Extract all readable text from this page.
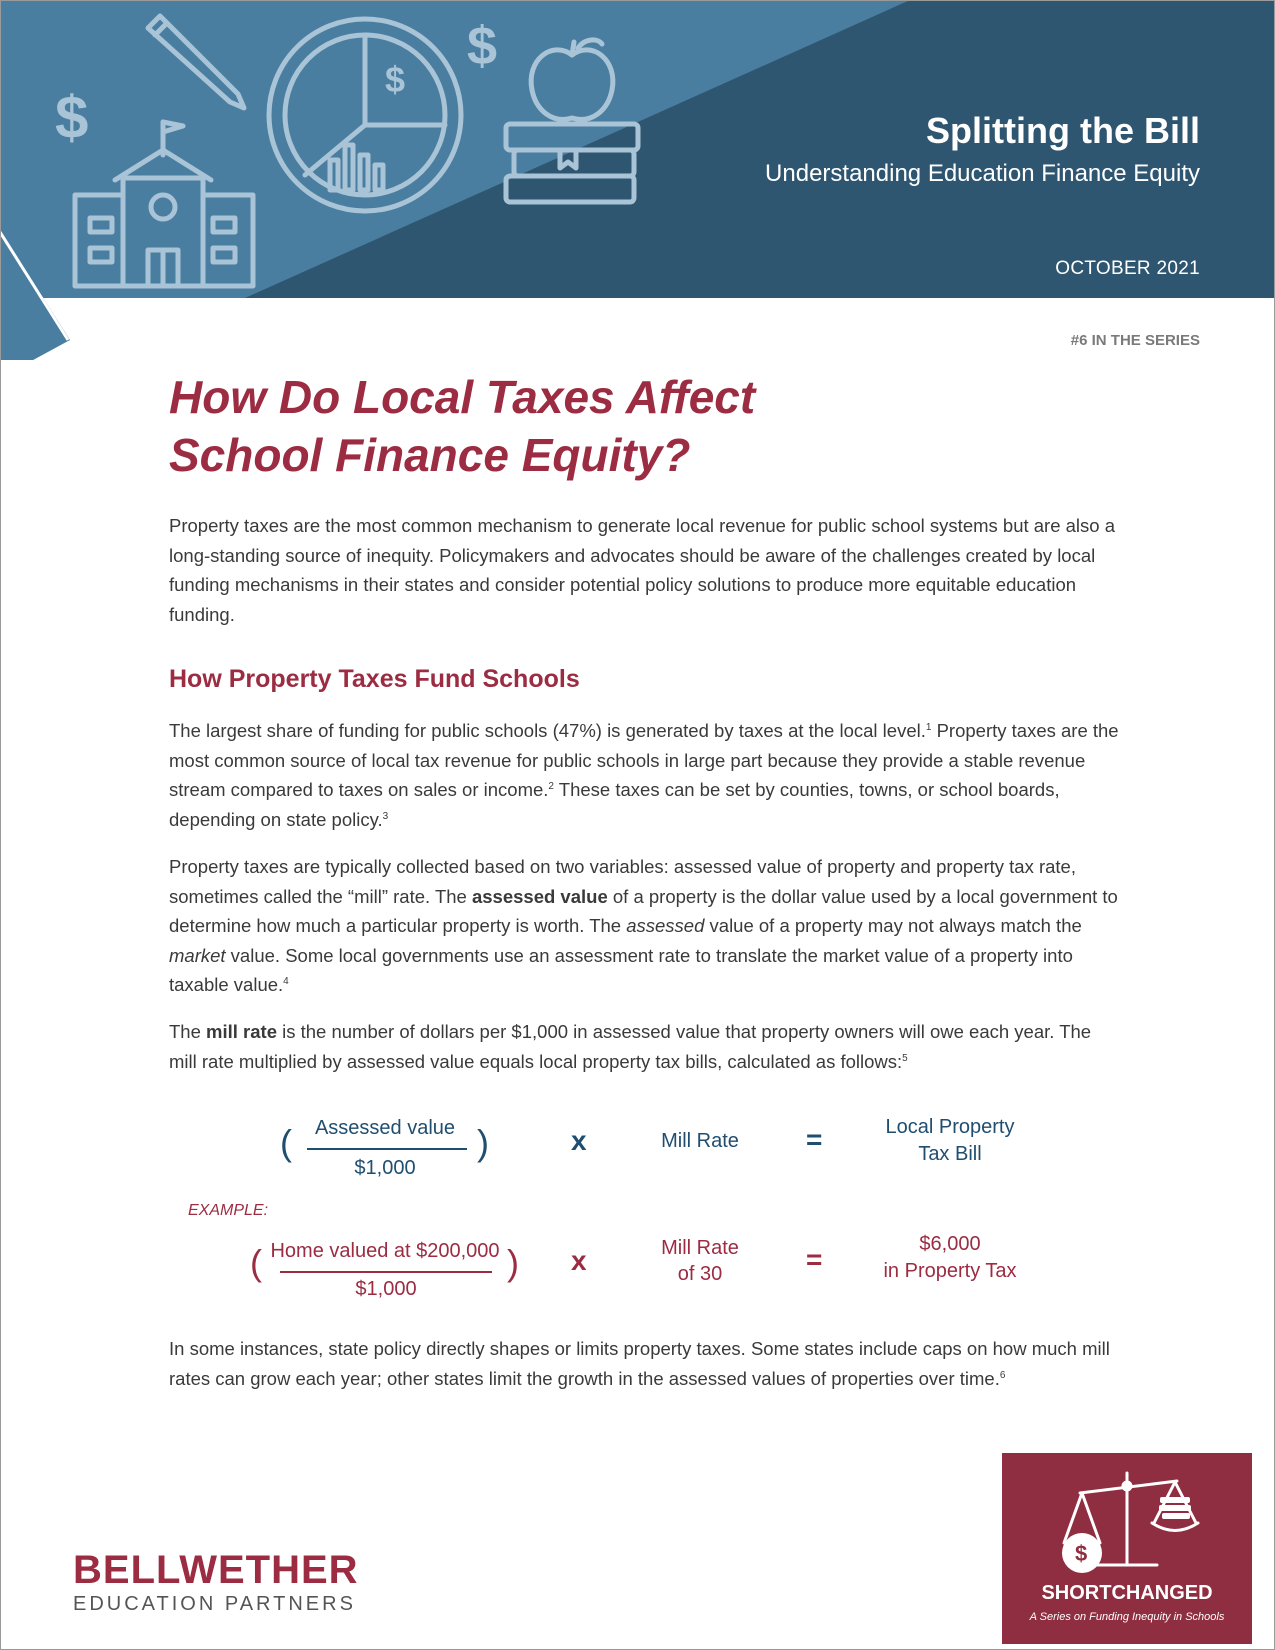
$
$
$
Splitting the Bill
Understanding Education Finance Equity
OCTOBER 2021
#6 IN THE SERIES
How Do Local Taxes Affect
School Finance Equity?
Property taxes are the most common mechanism to generate local revenue for public school systems but are also a long-standing source of inequity. Policymakers and advocates should be aware of the challenges created by local funding mechanisms in their states and consider potential policy solutions to produce more equitable education funding.
How Property Taxes Fund Schools
The largest share of funding for public schools (47%) is generated by taxes at the local level.$^1$ Property taxes are the most common source of local tax revenue for public schools in large part because they provide a stable revenue stream compared to taxes on sales or income.$^2$ These taxes can be set by counties, towns, or school boards, depending on state policy.$^3$
Property taxes are typically collected based on two variables: assessed value of property and property tax rate, sometimes called the “mill” rate. The assessed value of a property is the dollar value used by a local government to determine how much a particular property is worth. The assessed value of a property may not always match the market value. Some local governments use an assessment rate to translate the market value of a property into taxable value.$^4$
The mill rate is the number of dollars per $1,000 in assessed value that property owners will owe each year. The mill rate multiplied by assessed value equals local property tax bills, calculated as follows:$^5$
(	Assessed value
$1,000
)	x	Mill Rate	=	Local Property
Tax Bill
EXAMPLE:
( Home valued at $200,000
$1,000
) x	Mill Rate
of 30	=	$6,000
in Property Tax
In some instances, state policy directly shapes or limits property taxes. Some states include caps on how much mill rates can grow each year; other states limit the growth in the assessed values of properties over time.$^6$
BELLWETHER
EDUCATION PARTNERS
$
SHORTCHANGED
A Series on Funding Inequity in Schools
